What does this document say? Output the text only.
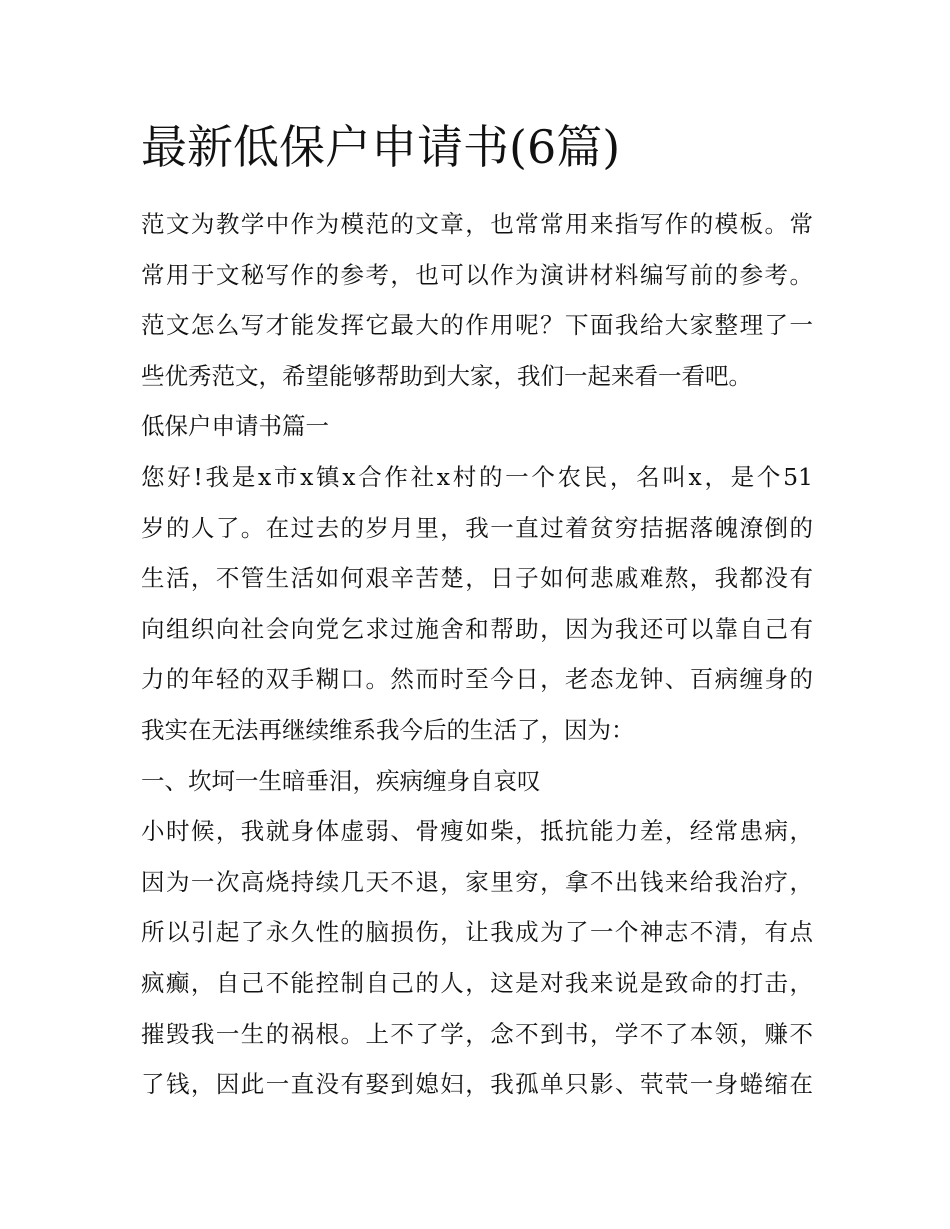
最新低保户申请书(6篇)
范文为教学中作为模范的文章，也常常用来指写作的模板。常
常用于文秘写作的参考，也可以作为演讲材料编写前的参考。
范文怎么写才能发挥它最大的作用呢？下面我给大家整理了一
些优秀范文，希望能够帮助到大家，我们一起来看一看吧。
低保户申请书篇一
您好!我是x市x镇x合作社x村的一个农民，名叫x，是个51
岁的人了。在过去的岁月里，我一直过着贫穷拮据落魄潦倒的
生活，不管生活如何艰辛苦楚，日子如何悲戚难熬，我都没有
向组织向社会向党乞求过施舍和帮助，因为我还可以靠自己有
力的年轻的双手糊口。然而时至今日，老态龙钟、百病缠身的
我实在无法再继续维系我今后的生活了，因为：
一、坎坷一生暗垂泪，疾病缠身自哀叹
小时候，我就身体虚弱、骨瘦如柴，抵抗能力差，经常患病，
因为一次高烧持续几天不退，家里穷，拿不出钱来给我治疗，
所以引起了永久性的脑损伤，让我成为了一个神志不清，有点
疯癫，自己不能控制自己的人，这是对我来说是致命的打击，
摧毁我一生的祸根。上不了学，念不到书，学不了本领，赚不
了钱，因此一直没有娶到媳妇，我孤单只影、茕茕一身蜷缩在
